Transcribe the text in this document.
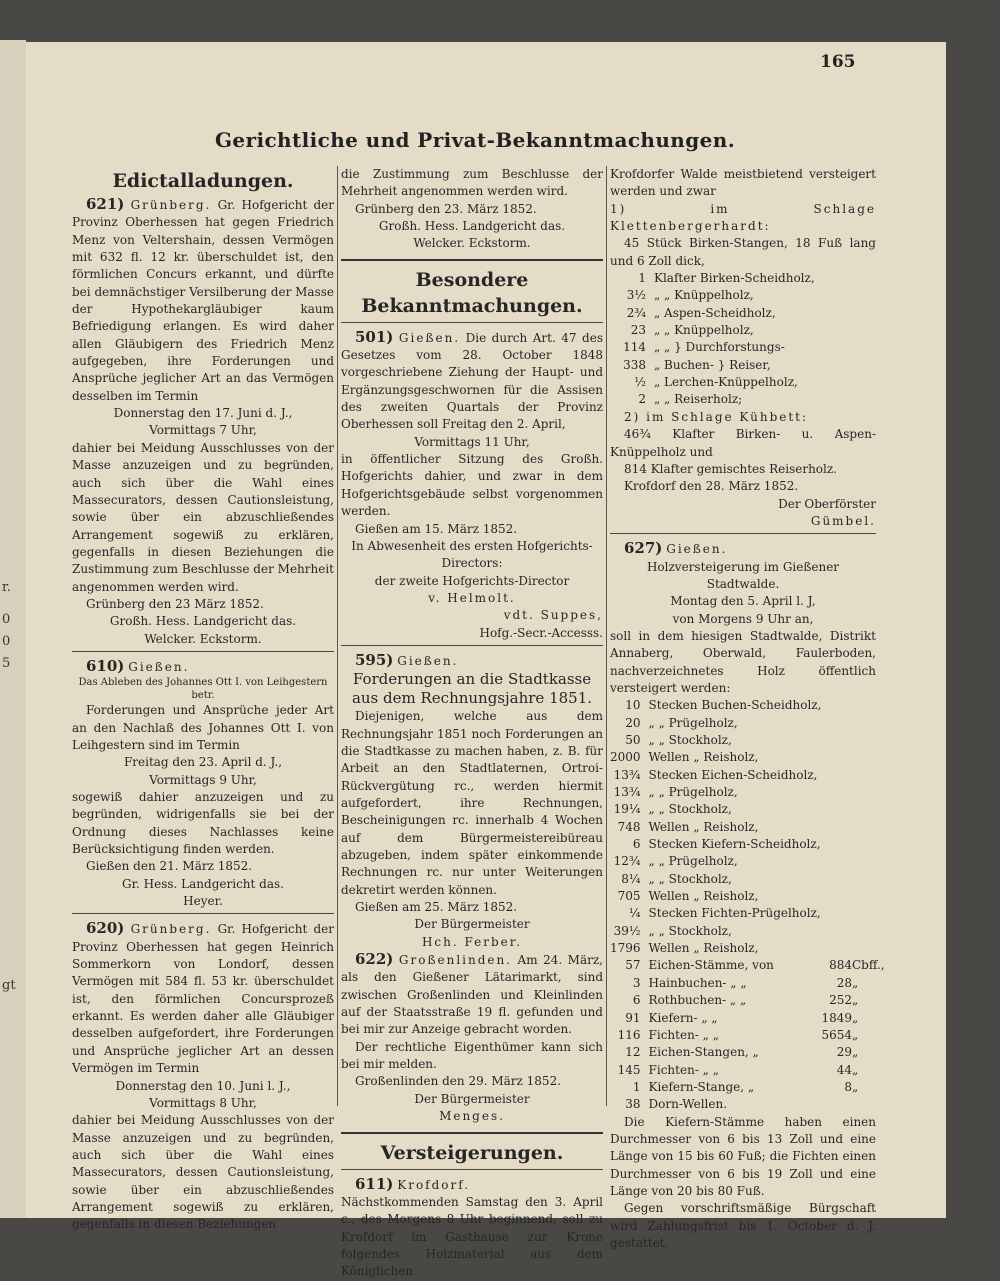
r.
0
0
5
gt
165
Gerichtliche und Privat-Bekanntmachungen.

Edictalladungen.

621) Grünberg. Gr. Hofgericht der Provinz Oberhessen hat gegen Friedrich Menz von Veltershain, dessen Vermögen mit 632 fl. 12 kr. überschuldet ist, den förmlichen Concurs erkannt, und dürfte bei demnächstiger Versilberung der Masse der Hypothekargläubiger kaum Befriedigung erlangen. Es wird daher allen Gläubigern des Friedrich Menz aufgegeben, ihre Forderungen und Ansprüche jeglicher Art an das Vermögen desselben im Termin

Donnerstag den 17. Juni d. J.,

Vormittags 7 Uhr,

dahier bei Meidung Ausschlusses von der Masse anzuzeigen und zu begründen, auch sich über die Wahl eines Massecurators, dessen Cautionsleistung, sowie über ein abzuschließendes Arrangement sogewiß zu erklären, gegenfalls in diesen Beziehungen die Zustimmung zum Beschlusse der Mehrheit angenommen werden wird.

Grünberg den 23 März 1852.

Großh. Hess. Landgericht das.

Welcker. Eckstorm.

610) Gießen.

Das Ableben des Johannes Ott I. von Leihgestern betr.

Forderungen und Ansprüche jeder Art an den Nachlaß des Johannes Ott I. von Leihgestern sind im Termin

Freitag den 23. April d. J.,

Vormittags 9 Uhr,

sogewiß dahier anzuzeigen und zu begründen, widrigenfalls sie bei der Ordnung dieses Nachlasses keine Berücksichtigung finden werden.

Gießen den 21. März 1852.

Gr. Hess. Landgericht das.

Heyer.

620) Grünberg. Gr. Hofgericht der Provinz Oberhessen hat gegen Heinrich Sommerkorn von Londorf, dessen Vermögen mit 584 fl. 53 kr. überschuldet ist, den förmlichen Concursprozeß erkannt. Es werden daher alle Gläubiger desselben aufgefordert, ihre Forderungen und Ansprüche jeglicher Art an dessen Vermögen im Termin

Donnerstag den 10. Juni l. J.,

Vormittags 8 Uhr,

dahier bei Meidung Ausschlusses von der Masse anzuzeigen und zu begründen, auch sich über die Wahl eines Massecurators, dessen Cautionsleistung, sowie über ein abzuschließendes Arrangement sogewiß zu erklären, gegenfalls in diesen Beziehungen

die Zustimmung zum Beschlusse der Mehrheit angenommen werden wird.

Grünberg den 23. März 1852.

Großh. Hess. Landgericht das.

Welcker. Eckstorm.

Besondere Bekanntmachungen.

501) Gießen. Die durch Art. 47 des Gesetzes vom 28. October 1848 vorgeschriebene Ziehung der Haupt- und Ergänzungsgeschwornen für die Assisen des zweiten Quartals der Provinz Oberhessen soll Freitag den 2. April,

Vormittags 11 Uhr,

in öffentlicher Sitzung des Großh. Hofgerichts dahier, und zwar in dem Hofgerichtsgebäude selbst vorgenommen werden.

Gießen am 15. März 1852.

In Abwesenheit des ersten Hofgerichts-Directors:

der zweite Hofgerichts-Director

v. Helmolt.

vdt. Suppes,

Hofg.-Secr.-Accesss.

595) Gießen.

Forderungen an die Stadtkasse aus dem Rechnungsjahre 1851.

Diejenigen, welche aus dem Rechnungsjahr 1851 noch Forderungen an die Stadtkasse zu machen haben, z. B. für Arbeit an den Stadtlaternen, Ortroi-Rückvergütung rc., werden hiermit aufgefordert, ihre Rechnungen, Bescheinigungen rc. innerhalb 4 Wochen auf dem Bürgermeistereibüreau abzugeben, indem später einkommende Rechnungen rc. nur unter Weiterungen dekretirt werden können.

Gießen am 25. März 1852.

Der Bürgermeister

Hch. Ferber.

622) Großenlinden. Am 24. März, als den Gießener Lätarimarkt, sind zwischen Großenlinden und Kleinlinden auf der Staatsstraße 19 fl. gefunden und bei mir zur Anzeige gebracht worden.

Der rechtliche Eigenthümer kann sich bei mir melden.

Großenlinden den 29. März 1852.

Der Bürgermeister

Menges.

Versteigerungen.

611) Krofdorf.

Nächstkommenden Samstag den 3. April c., des Morgens 8 Uhr beginnend, soll zu Krofdorf im Gasthause zur Krone folgendes Holzmaterial aus dem Königlichen

Krofdorfer Walde meistbietend versteigert werden und zwar

1) im Schlage Klettenbergerhardt:

45 Stück Birken-Stangen, 18 Fuß lang und 6 Zoll dick,

1	Klafter Birken-Scheidholz,
3½	„ „ Knüppelholz,
2¾	„ Aspen-Scheidholz,
23	„ „ Knüppelholz,
114	„ „ } Durchforstungs-
338	„ Buchen- } Reiser,
½	„ Lerchen-Knüppelholz,
2	„ „ Reiserholz;

2) im Schlage Kühbett:

46¾ Klafter Birken- u. Aspen-Knüppelholz und

814 Klafter gemischtes Reiserholz.

Krofdorf den 28. März 1852.

Der Oberförster

Gümbel.

627) Gießen.

Holzversteigerung im Gießener Stadtwalde.

Montag den 5. April l. J,

von Morgens 9 Uhr an,

soll in dem hiesigen Stadtwalde, Distrikt Annaberg, Oberwald, Faulerboden, nachverzeichnetes Holz öffentlich versteigert werden:

10	Stecken Buchen-Scheidholz,		
20	„ „ Prügelholz,		
50	„ „ Stockholz,		
2000	Wellen „ Reisholz,		
13¾	Stecken Eichen-Scheidholz,		
13¾	„ „ Prügelholz,		
19¼	„ „ Stockholz,		
748	Wellen „ Reisholz,		
6	Stecken Kiefern-Scheidholz,		
12¾	„ „ Prügelholz,		
8¼	„ „ Stockholz,		
705	Wellen „ Reisholz,		
¼	Stecken Fichten-Prügelholz,		
39½	„ „ Stockholz,		
1796	Wellen „ Reisholz,		
57	Eichen-Stämme, von	884	Cbff.,
3	Hainbuchen- „ „	28	„
6	Rothbuchen- „ „	252	„
91	Kiefern- „ „	1849	„
116	Fichten- „ „	5654	„
12	Eichen-Stangen, „	29	„
145	Fichten- „ „	44	„
1	Kiefern-Stange, „	8	„
38	Dorn-Wellen.		

Die Kiefern-Stämme haben einen Durchmesser von 6 bis 13 Zoll und eine Länge von 15 bis 60 Fuß; die Fichten einen Durchmesser von 6 bis 19 Zoll und eine Länge von 20 bis 80 Fuß.

Gegen vorschriftsmäßige Bürgschaft wird Zahlungsfrist bis 1. October d. J. gestattet.
